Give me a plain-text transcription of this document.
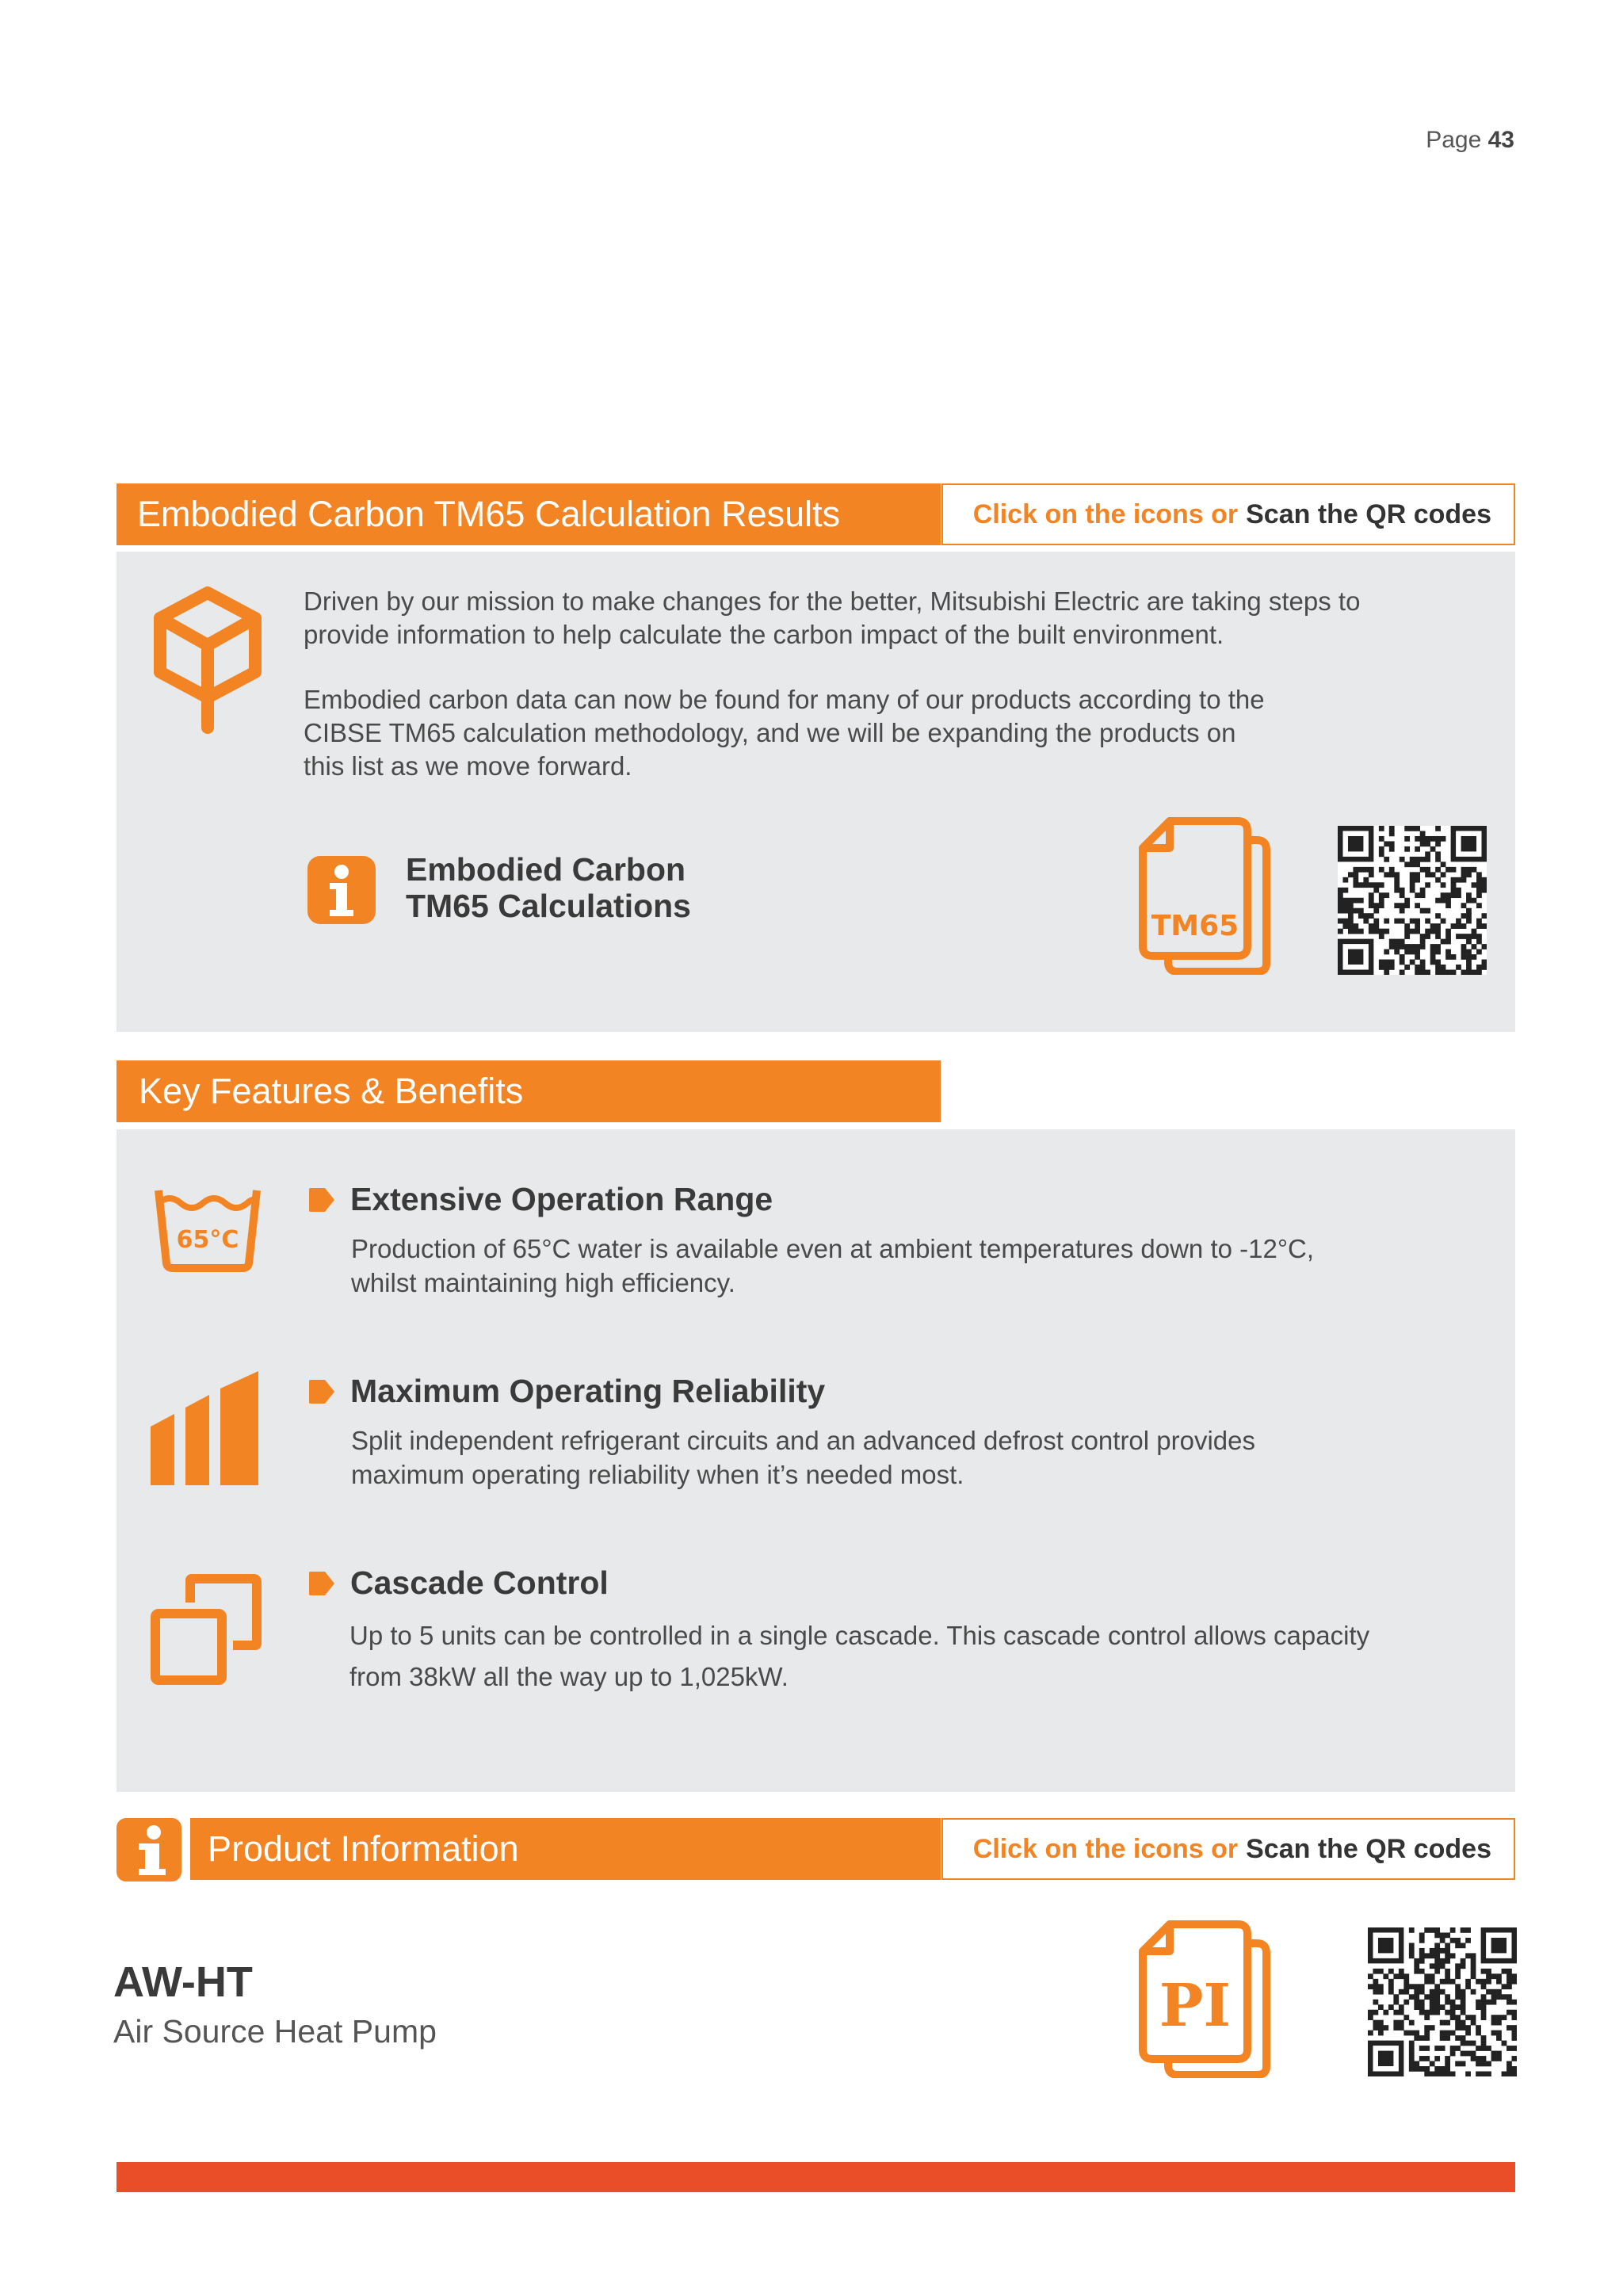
Page 43
Embodied Carbon TM65 Calculation Results	Click on the icons or Scan the QR codes
Driven by our mission to make changes for the better, Mitsubishi Electric are taking steps to
provide information to help calculate the carbon impact of the built environment.
Embodied carbon data can now be found for many of our products according to the
CIBSE TM65 calculation methodology, and we will be expanding the products on
this list as we move forward.
Embodied Carbon
TM65 Calculations
TM65
Key Features & Benefits
65°C
Extensive Operation Range
Production of 65°C water is available even at ambient temperatures down to -12°C,
whilst maintaining high efficiency.
Maximum Operating Reliability
Split independent refrigerant circuits and an advanced defrost control provides
maximum operating reliability when it’s needed most.
Cascade Control
Up to 5 units can be controlled in a single cascade. This cascade control allows capacity
from 38kW all the way up to 1,025kW.
Product Information	Click on the icons or Scan the QR codes
AW-HT
Air Source Heat Pump	PI
